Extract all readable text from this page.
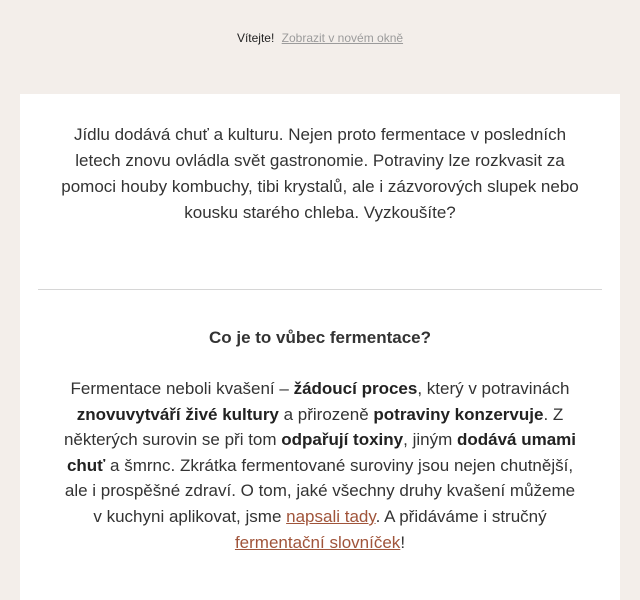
Vítejte! Zobrazit v novém okně

Jídlu dodává chuť a kulturu. Nejen proto fermentace v posledních letech znovu ovládla svět gastronomie. Potraviny lze rozkvasit za pomoci houby kombuchy, tibi krystalů, ale i zázvorových slupek nebo kousku starého chleba. Vyzkoušíte?

Co je to vůbec fermentace?

Fermentace neboli kvašení – žádoucí proces, který v potravinách znovuvytváří živé kultury a přirozeně potraviny konzervuje. Z některých surovin se při tom odpařují toxiny, jiným dodává umami chuť a šmrnc. Zkrátka fermentované suroviny jsou nejen chutnější, ale i prospěšné zdraví. O tom, jaké všechny druhy kvašení můžeme v kuchyni aplikovat, jsme napsali tady. A přidáváme i stručný fermentační slovníček!
